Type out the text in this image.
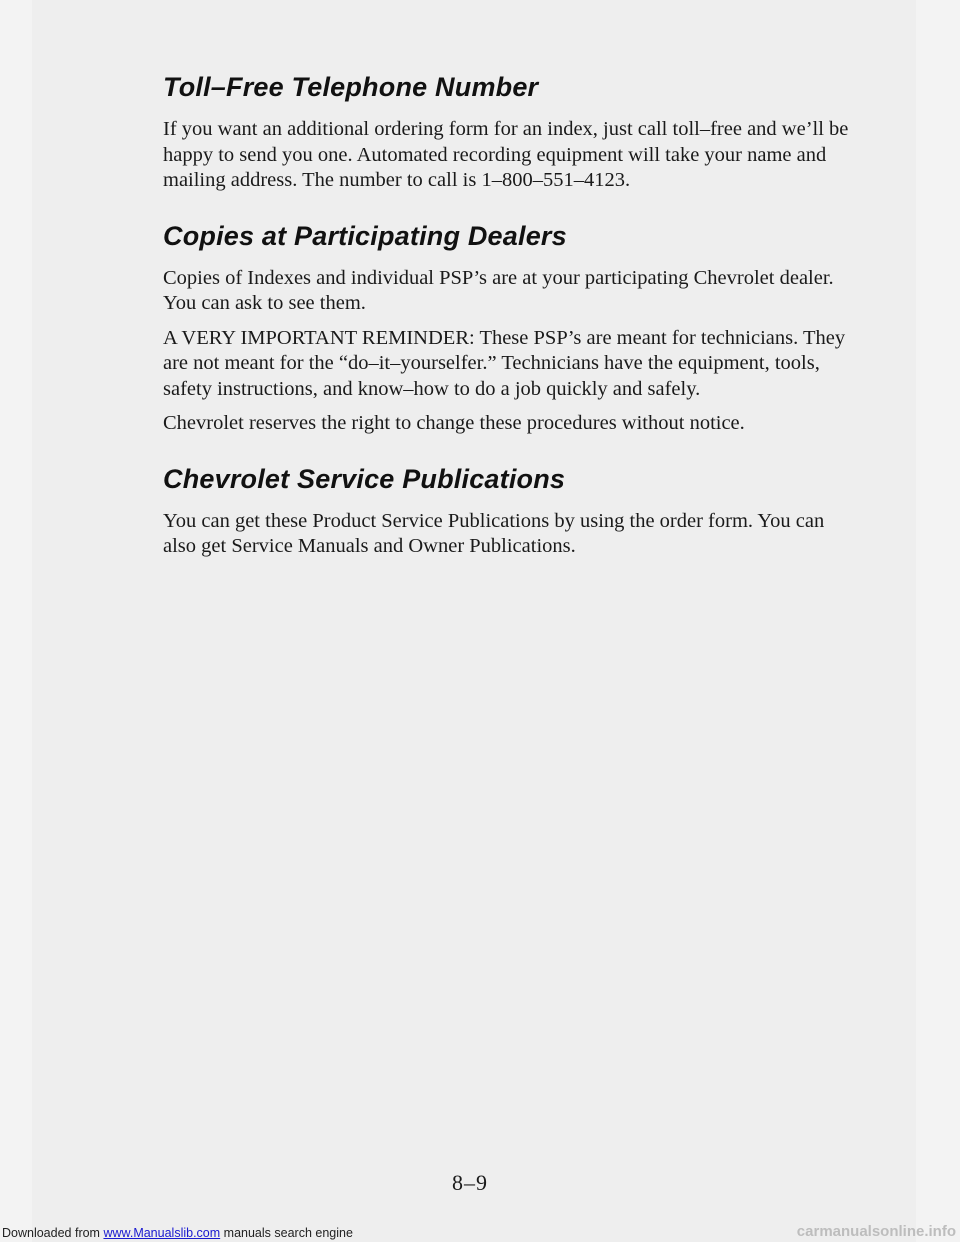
Toll–Free Telephone Number

If you want an additional ordering form for an index, just call toll–free and we’ll be happy to send you one. Automated recording equipment will take your name and mailing address. The number to call is 1–800–551–4123.

Copies at Participating Dealers

Copies of Indexes and individual PSP’s are at your participating Chevrolet dealer. You can ask to see them.

A VERY IMPORTANT REMINDER: These PSP’s are meant for technicians. They are not meant for the “do–it–yourselfer.” Technicians have the equipment, tools, safety instructions, and know–how to do a job quickly and safely.

Chevrolet reserves the right to change these procedures without notice.

Chevrolet Service Publications

You can get these Product Service Publications by using the order form. You can also get Service Manuals and Owner Publications.

8–9
Downloaded from www.Manualslib.com manuals search engine	carmanualsonline.info
